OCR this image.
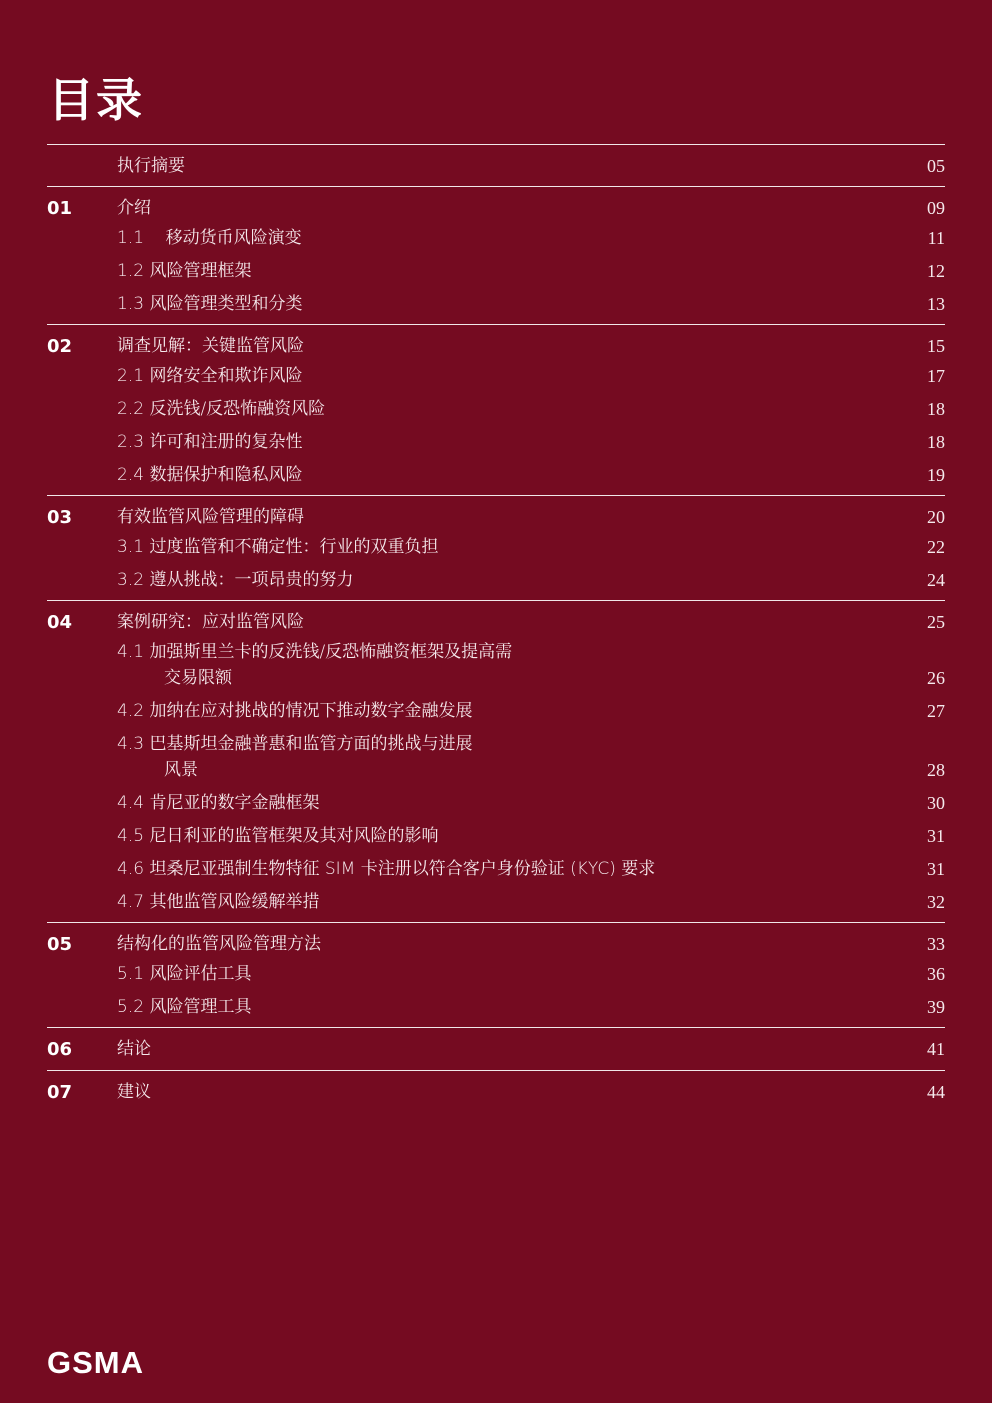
目录
执行摘要	05
01	介绍	09
1.1    移动货币风险演变	11
1.2 风险管理框架	12
1.3 风险管理类型和分类	13
02	调查见解：关键监管风险	15
2.1 网络安全和欺诈风险	17
2.2 反洗钱/反恐怖融资风险	18
2.3 许可和注册的复杂性	18
2.4 数据保护和隐私风险	19
03	有效监管风险管理的障碍	20
3.1 过度监管和不确定性：行业的双重负担	22
3.2 遵从挑战：一项昂贵的努力	24
04	案例研究：应对监管风险	25
4.1 加强斯里兰卡的反洗钱/反恐怖融资框架及提高需
交易限额	26
4.2 加纳在应对挑战的情况下推动数字金融发展	27
4.3 巴基斯坦金融普惠和监管方面的挑战与进展
风景	28
4.4 肯尼亚的数字金融框架	30
4.5 尼日利亚的监管框架及其对风险的影响	31
4.6 坦桑尼亚强制生物特征 SIM 卡注册以符合客户身份验证 (KYC) 要求	31
4.7 其他监管风险缓解举措	32
05	结构化的监管风险管理方法	33
5.1 风险评估工具	36
5.2 风险管理工具	39
06	结论	41
07	建议	44
GSMA
